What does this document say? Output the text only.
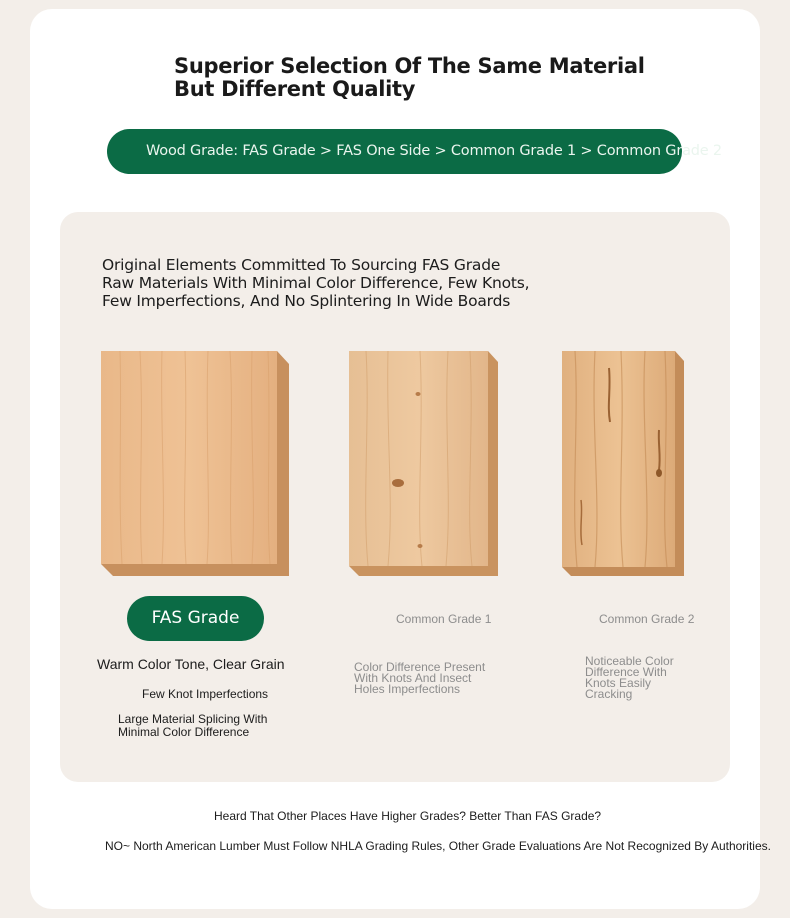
Superior Selection Of The Same Material
But Different Quality
Wood Grade: FAS Grade > FAS One Side > Common Grade 1 > Common Grade 2
Original Elements Committed To Sourcing FAS Grade
Raw Materials With Minimal Color Difference, Few Knots,
Few Imperfections, And No Splintering In Wide Boards
FAS Grade	Common Grade 1	Common Grade 2
Warm Color Tone, Clear Grain
Few Knot Imperfections
Large Material Splicing With
Minimal Color Difference
Color Difference Present
With Knots And Insect
Holes Imperfections
Noticeable Color
Difference With
Knots Easily
Cracking
Heard That Other Places Have Higher Grades? Better Than FAS Grade?
NO~ North American Lumber Must Follow NHLA Grading Rules, Other Grade Evaluations Are Not Recognized By Authorities.
